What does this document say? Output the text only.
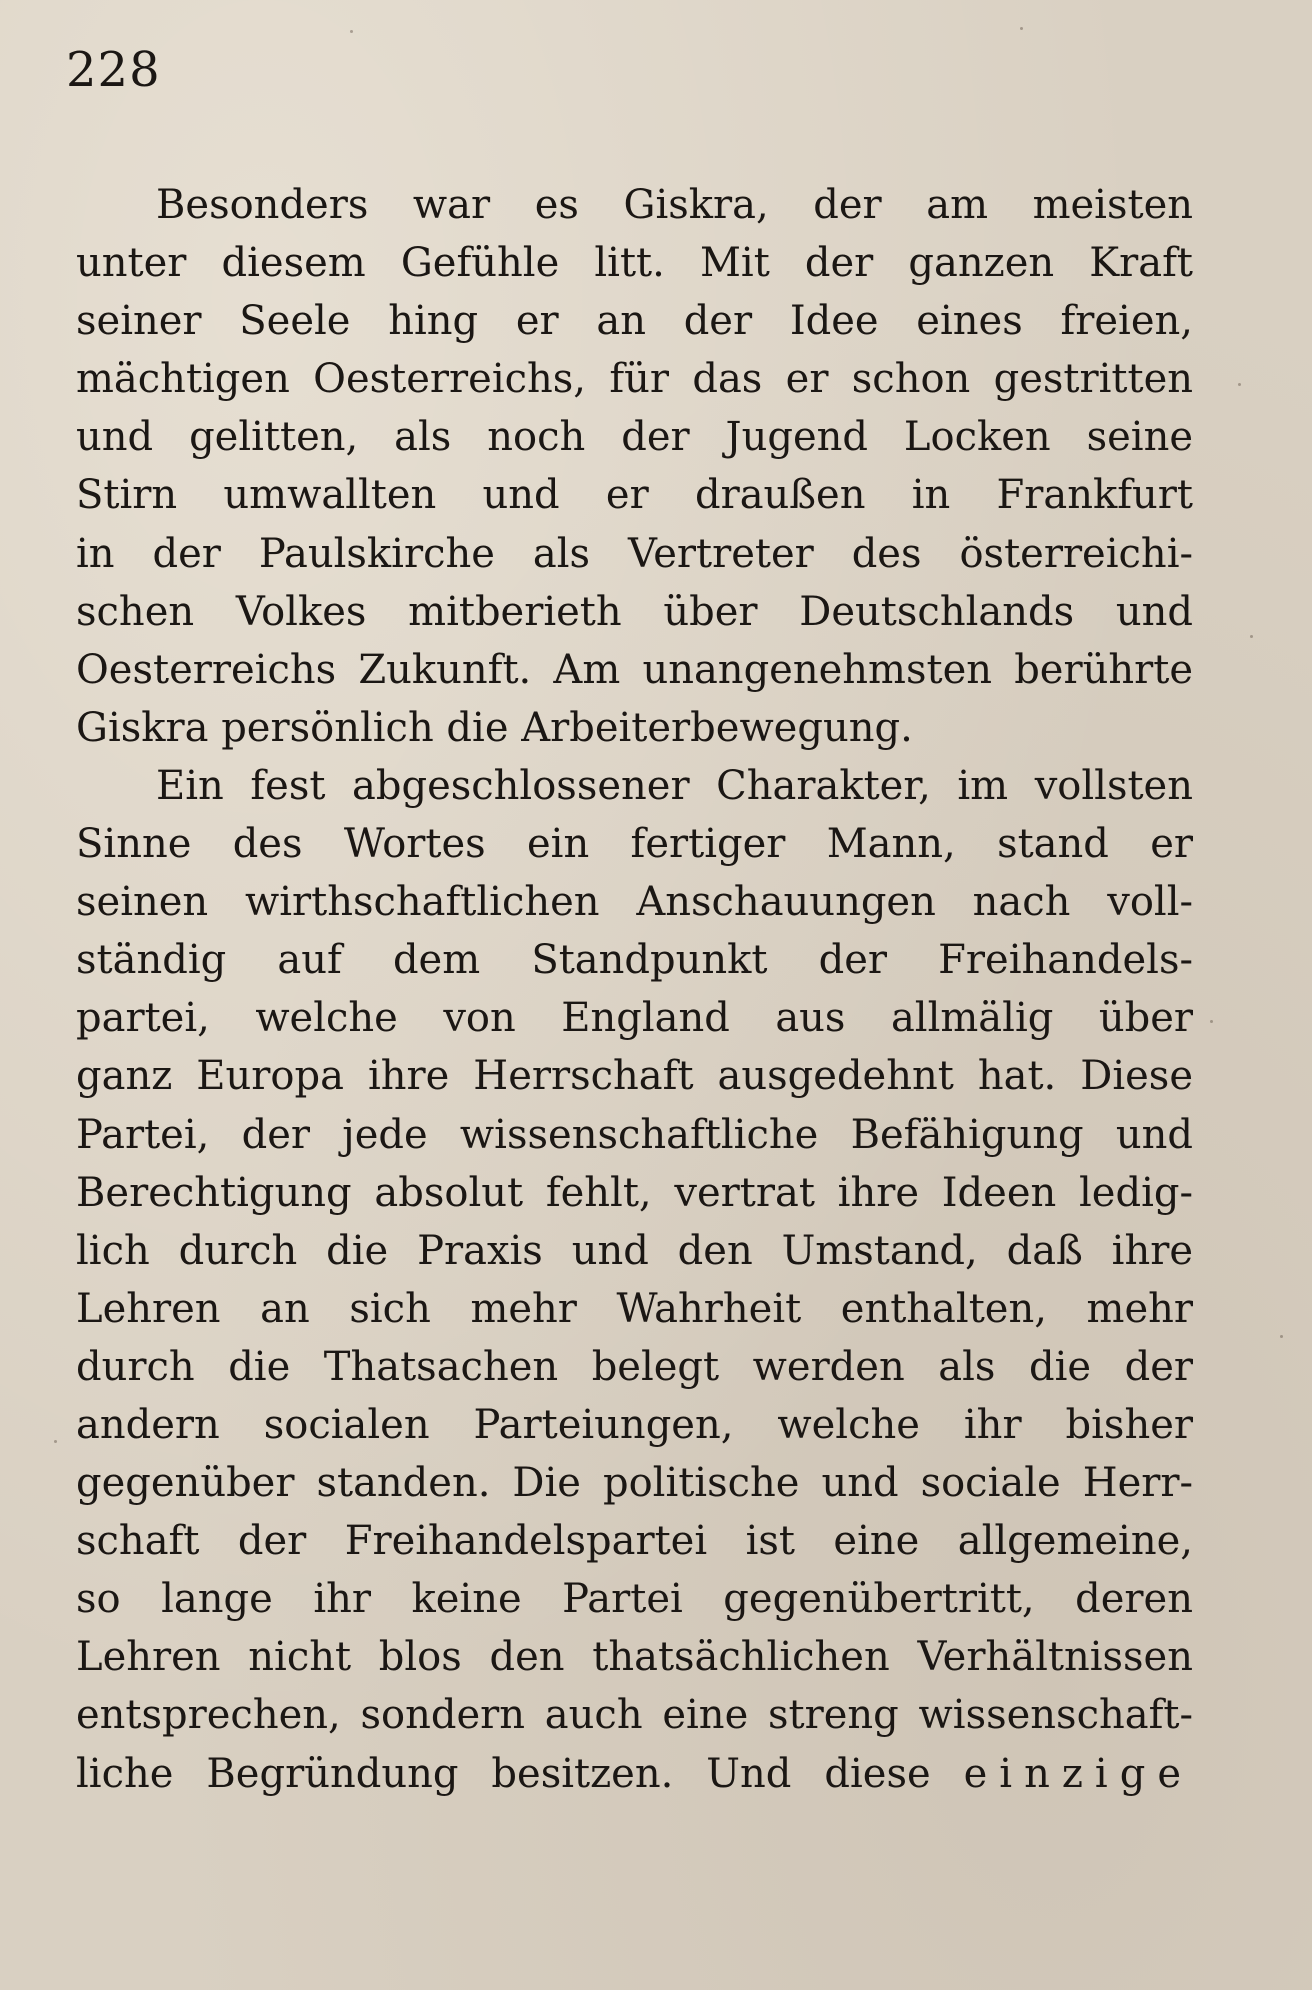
228
Besonders war es Giskra, der am meisten
unter diesem Gefühle litt. Mit der ganzen Kraft
seiner Seele hing er an der Idee eines freien,
mächtigen Oesterreichs, für das er schon gestritten
und gelitten, als noch der Jugend Locken seine
Stirn umwallten und er draußen in Frankfurt
in der Paulskirche als Vertreter des österreichi-
schen Volkes mitberieth über Deutschlands und
Oesterreichs Zukunft. Am unangenehmsten berührte
Giskra persönlich die Arbeiterbewegung.
Ein fest abgeschlossener Charakter, im vollsten
Sinne des Wortes ein fertiger Mann, stand er
seinen wirthschaftlichen Anschauungen nach voll-
ständig auf dem Standpunkt der Freihandels-
partei, welche von England aus allmälig über
ganz Europa ihre Herrschaft ausgedehnt hat. Diese
Partei, der jede wissenschaftliche Befähigung und
Berechtigung absolut fehlt, vertrat ihre Ideen ledig-
lich durch die Praxis und den Umstand, daß ihre
Lehren an sich mehr Wahrheit enthalten, mehr
durch die Thatsachen belegt werden als die der
andern socialen Parteiungen, welche ihr bisher
gegenüber standen. Die politische und sociale Herr-
schaft der Freihandelspartei ist eine allgemeine,
so lange ihr keine Partei gegenübertritt, deren
Lehren nicht blos den thatsächlichen Verhältnissen
entsprechen, sondern auch eine streng wissenschaft-
liche Begründung besitzen. Und diese einzige
